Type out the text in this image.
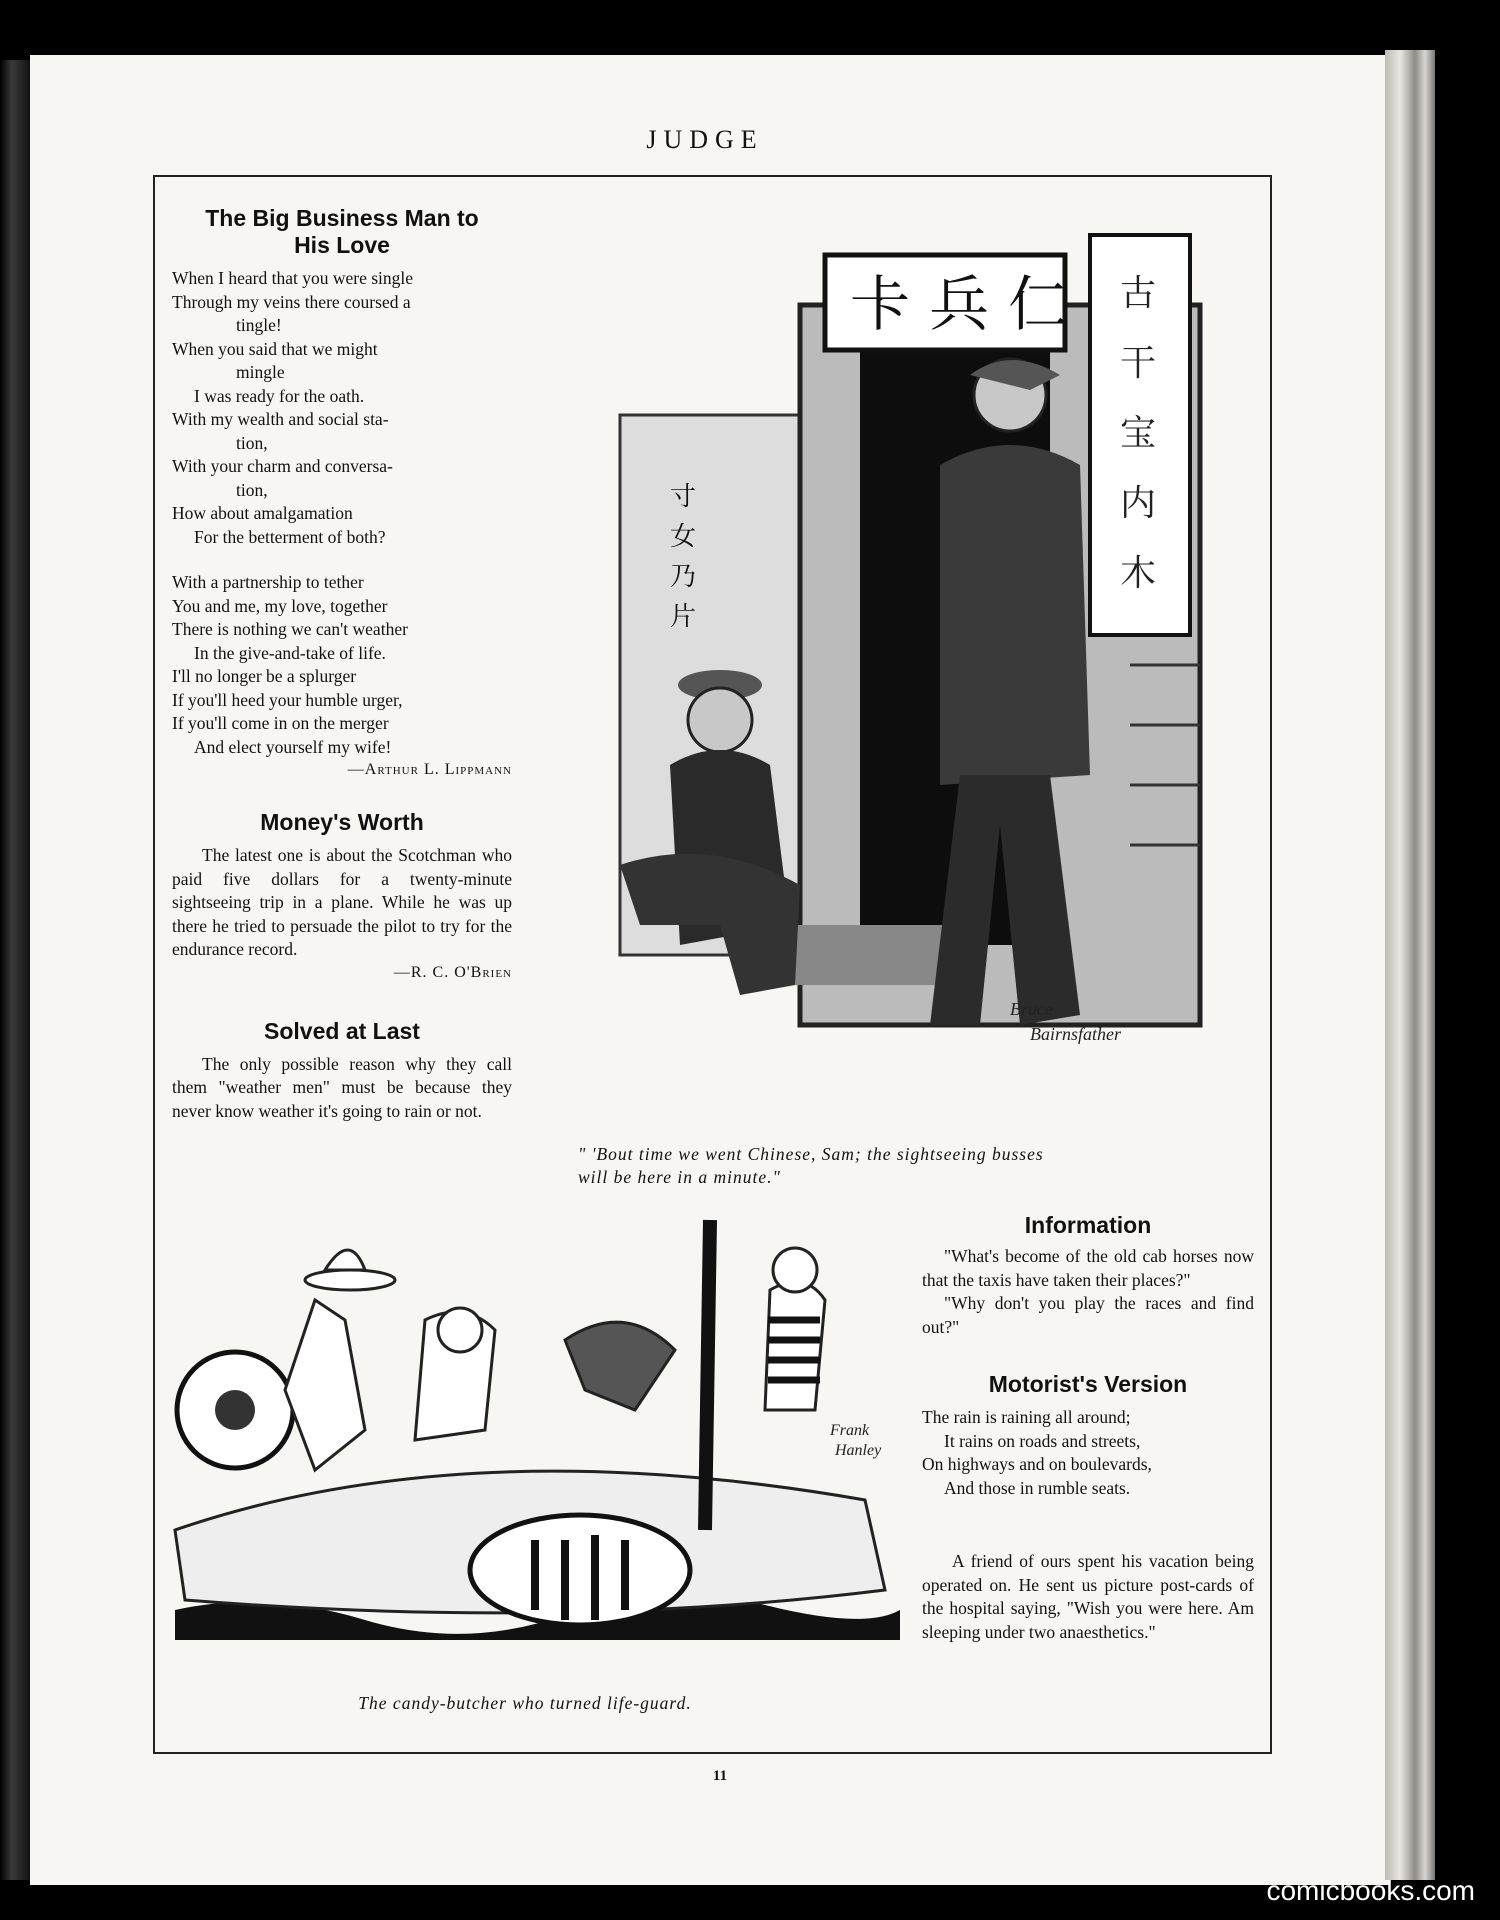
JUDGE
The Big Business Man to
His Love

When I heard that you were single

Through my veins there coursed a

tingle!

When you said that we might

mingle

I was ready for the oath.

With my wealth and social sta-

tion,

With your charm and conversa-

tion,

How about amalgamation

For the betterment of both?

With a partnership to tether

You and me, my love, together

There is nothing we can't weather

In the give-and-take of life.

I'll no longer be a splurger

If you'll heed your humble urger,

If you'll come in on the merger

And elect yourself my wife!

—Arthur L. Lippmann
Money's Worth
The latest one is about the Scotchman who paid five dollars for a twenty-minute sightseeing trip in a plane. While he was up there he tried to persuade the pilot to try for the endurance record.
—R. C. O'Brien
Solved at Last
The only possible reason why they call them "weather men" must be because they never know weather it's going to rain or not.
卡 兵 仁 古
干
宝
内
木
寸
女
乃
片
Bruce
Bairnsfather
" 'Bout time we went Chinese, Sam; the sightseeing busses
will be here in a minute."
Frank
Hanley
The candy-butcher who turned life-guard.
Information
"What's become of the old cab horses now that the taxis have taken their places?"
"Why don't you play the races and find out?"
Motorist's Version

The rain is raining all around;

It rains on roads and streets,

On highways and on boulevards,

And those in rumble seats.

A friend of ours spent his vacation being operated on. He sent us picture post-cards of the hospital saying, "Wish you were here. Am sleeping under two anaesthetics."
11
comicbooks.com
